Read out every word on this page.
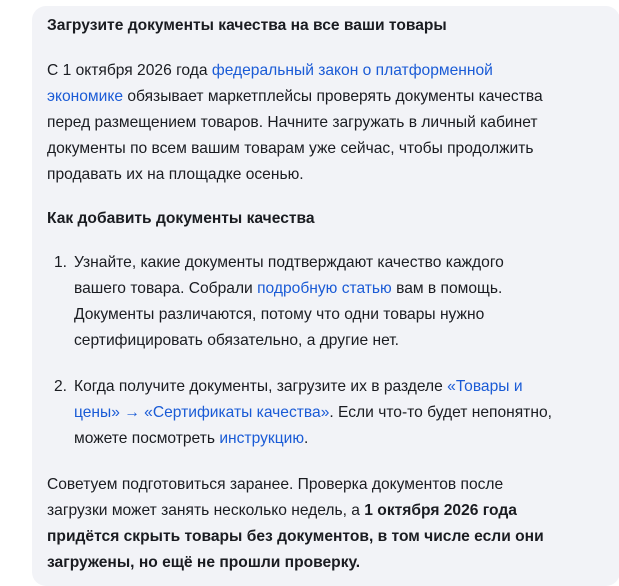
Загрузите документы качества на все ваши товары

С 1 октября 2026 года федеральный закон о платформенной
экономике обязывает маркетплейсы проверять документы качества
перед размещением товаров. Начните загружать в личный кабинет
документы по всем вашим товарам уже сейчас, чтобы продолжить
продавать их на площадке осенью.

Как добавить документы качества
1. Узнайте, какие документы подтверждают качество каждого
вашего товара. Собрали подробную статью вам в помощь.
Документы различаются, потому что одни товары нужно
сертифицировать обязательно, а другие нет.
2. Когда получите документы, загрузите их в разделе «Товары и
цены» → «Сертификаты качества». Если что-то будет непонятно,
можете посмотреть инструкцию.

Советуем подготовиться заранее. Проверка документов после
загрузки может занять несколько недель, а 1 октября 2026 года
придётся скрыть товары без документов, в том числе если они
загружены, но ещё не прошли проверку.
